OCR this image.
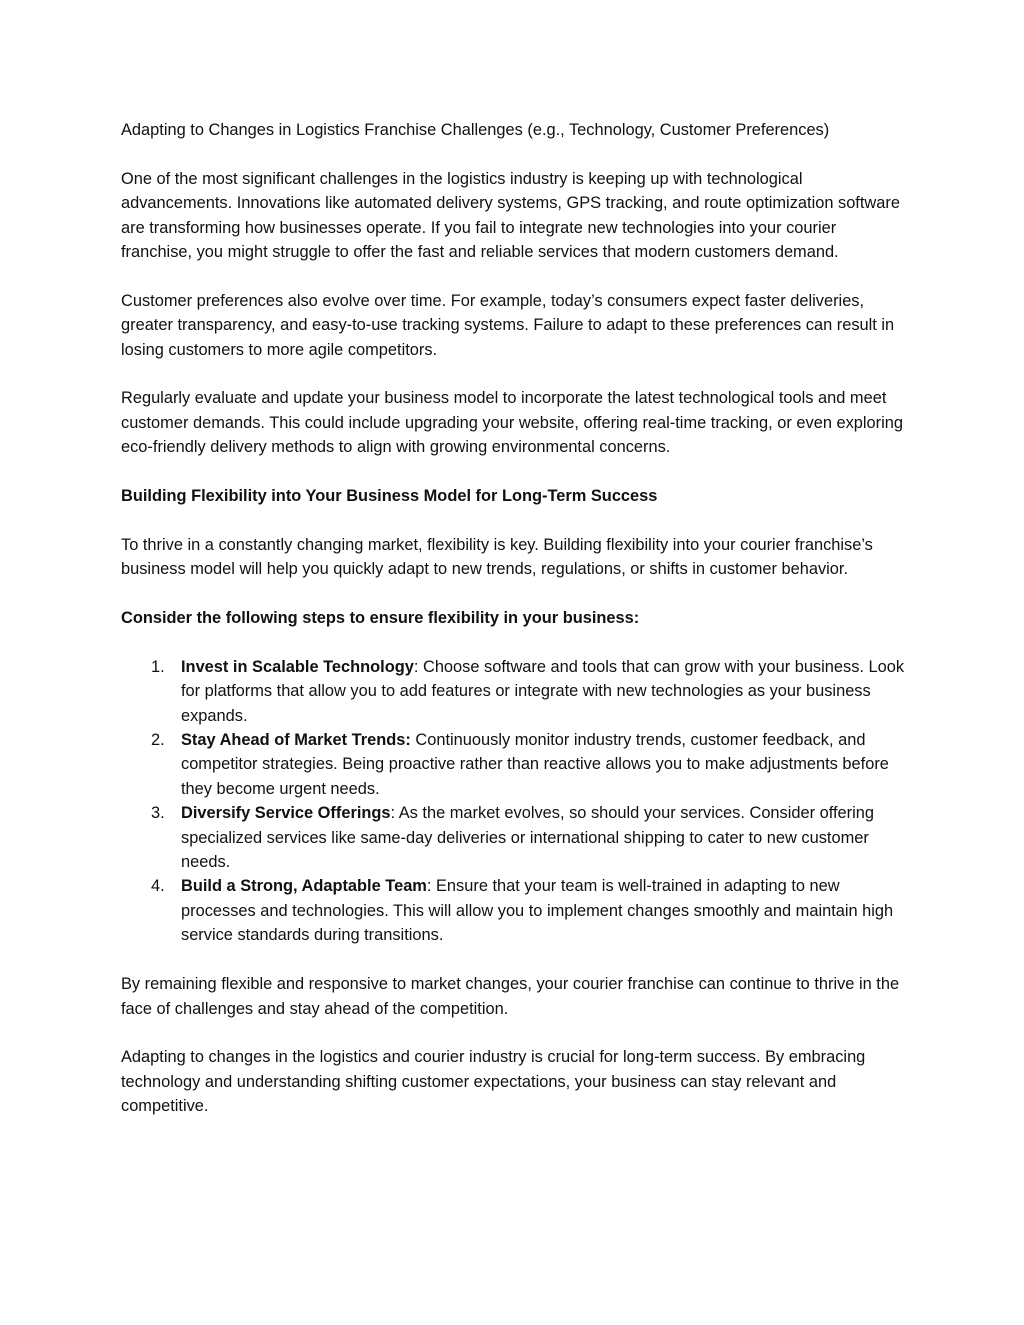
Adapting to Changes in Logistics Franchise Challenges (e.g., Technology, Customer Preferences)

One of the most significant challenges in the logistics industry is keeping up with technological advancements. Innovations like automated delivery systems, GPS tracking, and route optimization software are transforming how businesses operate. If you fail to integrate new technologies into your courier franchise, you might struggle to offer the fast and reliable services that modern customers demand.

Customer preferences also evolve over time. For example, today’s consumers expect faster deliveries, greater transparency, and easy-to-use tracking systems. Failure to adapt to these preferences can result in losing customers to more agile competitors.

Regularly evaluate and update your business model to incorporate the latest technological tools and meet customer demands. This could include upgrading your website, offering real-time tracking, or even exploring eco-friendly delivery methods to align with growing environmental concerns.

Building Flexibility into Your Business Model for Long-Term Success

To thrive in a constantly changing market, flexibility is key. Building flexibility into your courier franchise’s business model will help you quickly adapt to new trends, regulations, or shifts in customer behavior.

Consider the following steps to ensure flexibility in your business:

1. Invest in Scalable Technology: Choose software and tools that can grow with your business. Look for platforms that allow you to add features or integrate with new technologies as your business expands.
2. Stay Ahead of Market Trends: Continuously monitor industry trends, customer feedback, and competitor strategies. Being proactive rather than reactive allows you to make adjustments before they become urgent needs.
3. Diversify Service Offerings: As the market evolves, so should your services. Consider offering specialized services like same-day deliveries or international shipping to cater to new customer needs.
4. Build a Strong, Adaptable Team: Ensure that your team is well-trained in adapting to new processes and technologies. This will allow you to implement changes smoothly and maintain high service standards during transitions.

By remaining flexible and responsive to market changes, your courier franchise can continue to thrive in the face of challenges and stay ahead of the competition.

Adapting to changes in the logistics and courier industry is crucial for long-term success. By embracing technology and understanding shifting customer expectations, your business can stay relevant and competitive.
